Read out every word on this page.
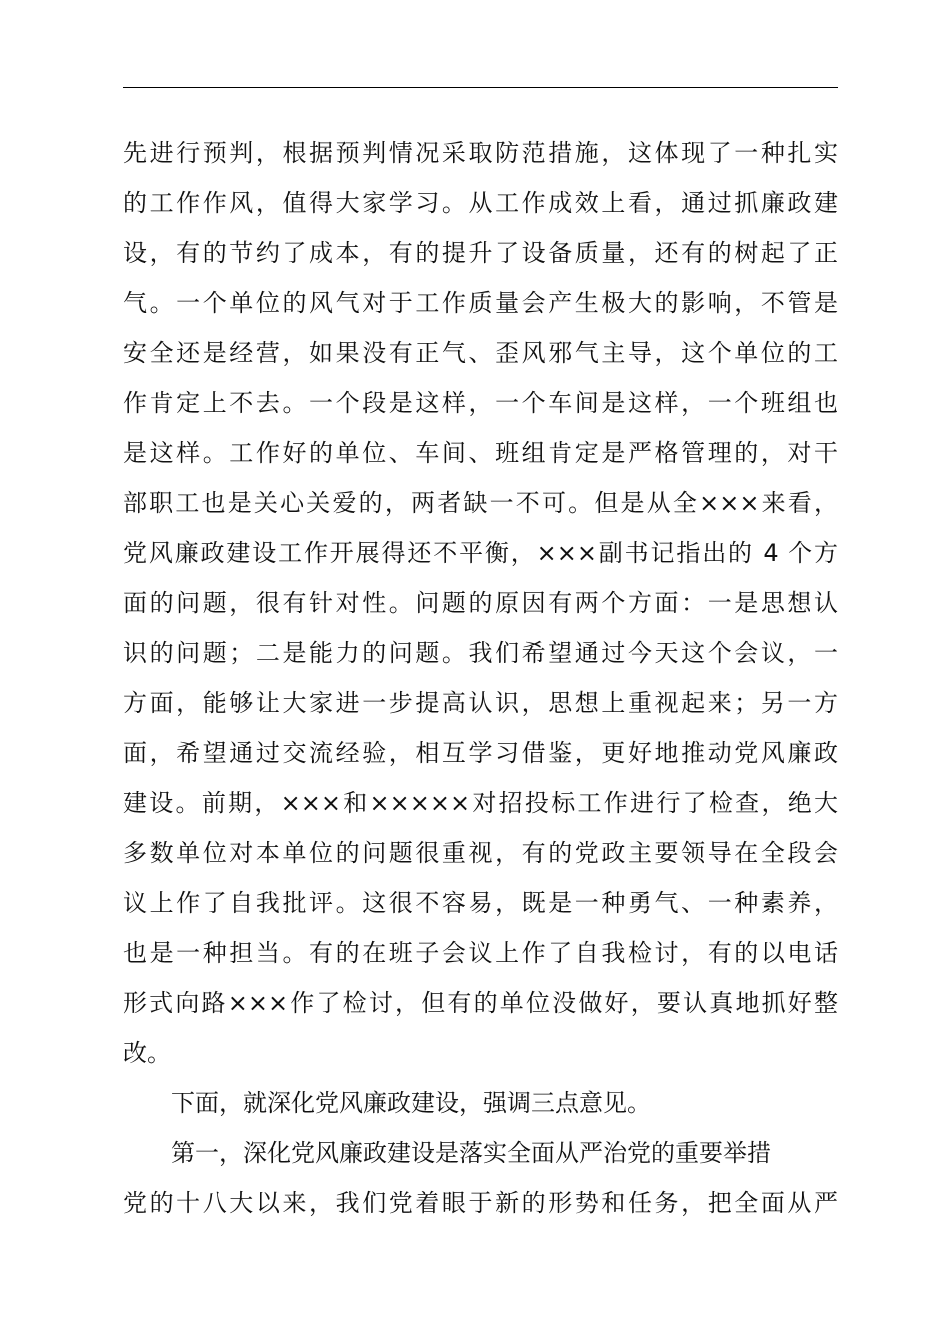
先进行预判，根据预判情况采取防范措施，这体现了一种扎实
的工作作风，值得大家学习。从工作成效上看，通过抓廉政建
设，有的节约了成本，有的提升了设备质量，还有的树起了正
气。一个单位的风气对于工作质量会产生极大的影响，不管是
安全还是经营，如果没有正气、歪风邪气主导，这个单位的工
作肯定上不去。一个段是这样，一个车间是这样，一个班组也
是这样。工作好的单位、车间、班组肯定是严格管理的，对干
部职工也是关心关爱的，两者缺一不可。但是从全×××来看，
党风廉政建设工作开展得还不平衡，×××副书记指出的 4 个方
面的问题，很有针对性。问题的原因有两个方面：一是思想认
识的问题；二是能力的问题。我们希望通过今天这个会议，一
方面，能够让大家进一步提高认识，思想上重视起来；另一方
面，希望通过交流经验，相互学习借鉴，更好地推动党风廉政
建设。前期，×××和×××××对招投标工作进行了检查，绝大
多数单位对本单位的问题很重视，有的党政主要领导在全段会
议上作了自我批评。这很不容易，既是一种勇气、一种素养，
也是一种担当。有的在班子会议上作了自我检讨，有的以电话
形式向路×××作了检讨，但有的单位没做好，要认真地抓好整
改。
下面，就深化党风廉政建设，强调三点意见。
第一，深化党风廉政建设是落实全面从严治党的重要举措
党的十八大以来，我们党着眼于新的形势和任务，把全面从严
